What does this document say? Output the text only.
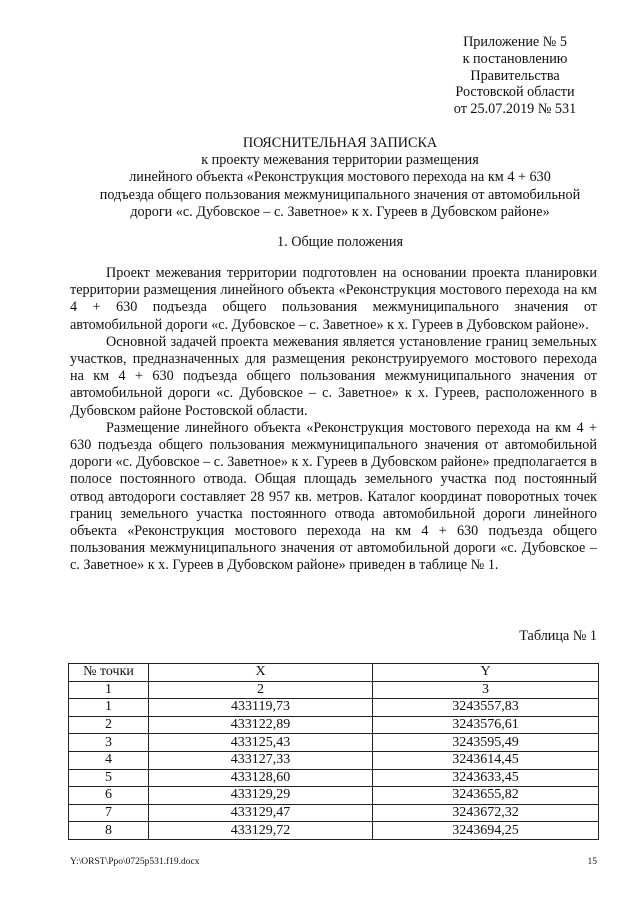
Приложение № 5
к постановлению
Правительства
Ростовской области
от 25.07.2019 № 531
ПОЯСНИТЕЛЬНАЯ ЗАПИСКА
к проекту межевания территории размещения
линейного объекта «Реконструкция мостового перехода на км 4 + 630
подъезда общего пользования межмуниципального значения от автомобильной
дороги «с. Дубовское – с. Заветное» к х. Гуреев в Дубовском районе»
1. Общие положения

Проект межевания территории подготовлен на основании проекта планировки территории размещения линейного объекта «Реконструкция мостового перехода на км 4 + 630 подъезда общего пользования межмуниципального значения от автомобильной дороги «с. Дубовское – с. Заветное» к х. Гуреев в Дубовском районе».

Основной задачей проекта межевания является установление границ земельных участков, предназначенных для размещения реконструируемого мостового перехода на км 4 + 630 подъезда общего пользования межмуниципального значения от автомобильной дороги «с. Дубовское – с. Заветное» к х. Гуреев, расположенного в Дубовском районе Ростовской области.

Размещение линейного объекта «Реконструкция мостового перехода на км 4 + 630 подъезда общего пользования межмуниципального значения от автомобильной дороги «с. Дубовское – с. Заветное» к х. Гуреев в Дубовском районе» предполагается в полосе постоянного отвода. Общая площадь земельного участка под постоянный отвод автодороги составляет 28 957 кв. метров. Каталог координат поворотных точек границ земельного участка постоянного отвода автомобильной дороги линейного объекта «Реконструкция мостового перехода на км 4 + 630 подъезда общего пользования межмуниципального значения от автомобильной дороги «с. Дубовское – с. Заветное» к х. Гуреев в Дубовском районе» приведен в таблице № 1.

Таблица № 1
№ точки	X	Y
1	2	3
1	433119,73	3243557,83
2	433122,89	3243576,61
3	433125,43	3243595,49
4	433127,33	3243614,45
5	433128,60	3243633,45
6	433129,29	3243655,82
7	433129,47	3243672,32
8	433129,72	3243694,25
Y:\ORST\Ppo\0725p531.f19.docx	15
